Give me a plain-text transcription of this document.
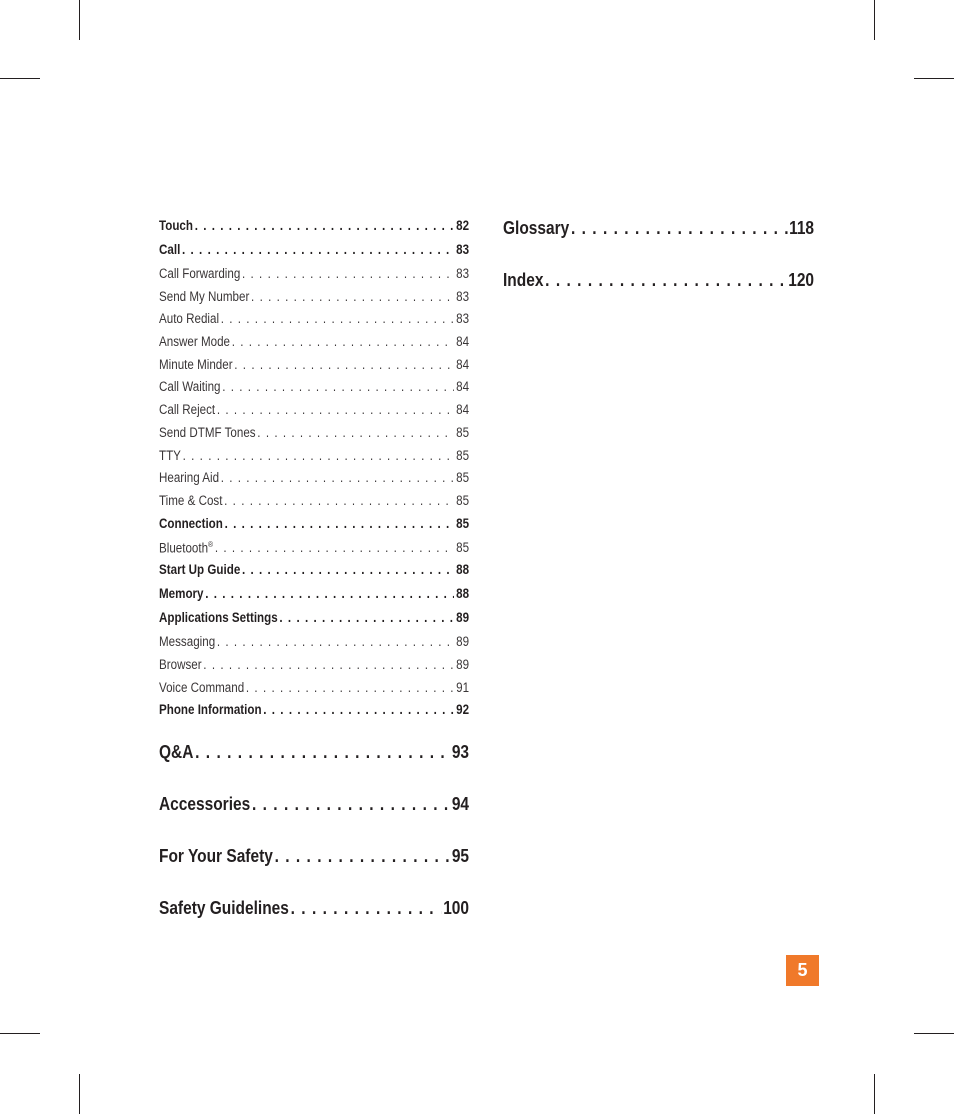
Touch . . .	82
Call . . .	83
Call Forwarding . . .	83
Send My Number . . .	83
Auto Redial . . .	83
Answer Mode . . .	84
Minute Minder . . .	84
Call Waiting . . .	84
Call Reject . . .	84
Send DTMF Tones . . .	85
TTY . . .	85
Hearing Aid . . .	85
Time & Cost . . .	85
Connection . . .	85
Bluetooth® . . .	85
Start Up Guide . . .	88
Memory . . .	88
Applications Settings . . .	89
Messaging . . .	89
Browser . . .	89
Voice Command . . .	91
Phone Information . . .	92
Q&A . . .	93
Accessories . . .	94
For Your Safety . . .	95
Safety Guidelines . . .	100
Glossary . . .	118
Index . . .	120
5
